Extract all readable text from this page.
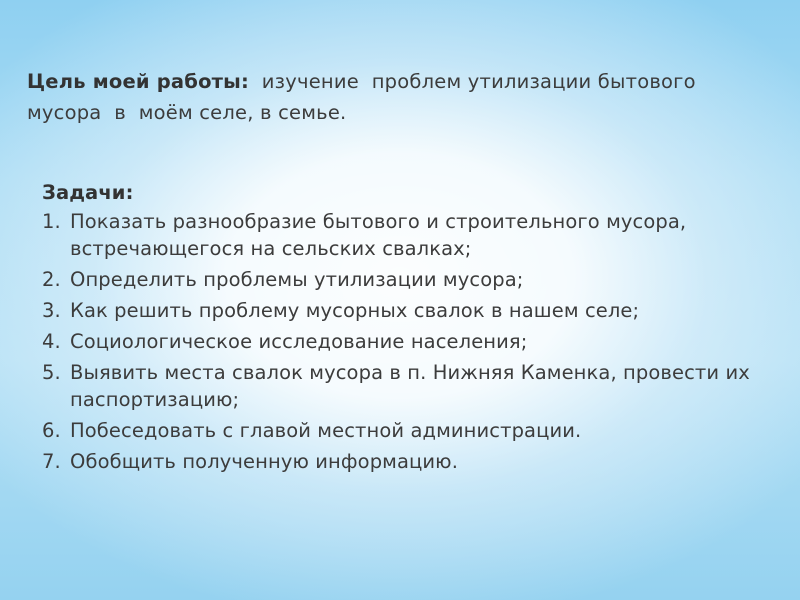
Цель моей работы:  изучение  проблем утилизации бытового мусора  в  моём селе, в семье.

Задачи:
1. Показать разнообразие бытового и строительного мусора, встречающегося на сельских свалках;
2. Определить проблемы утилизации мусора;
3. Как решить проблему мусорных свалок в нашем селе;
4. Социологическое исследование населения;
5. Выявить места свалок мусора в п. Нижняя Каменка, провести их паспортизацию;
6. Побеседовать с главой местной администрации.
7. Обобщить полученную информацию.
